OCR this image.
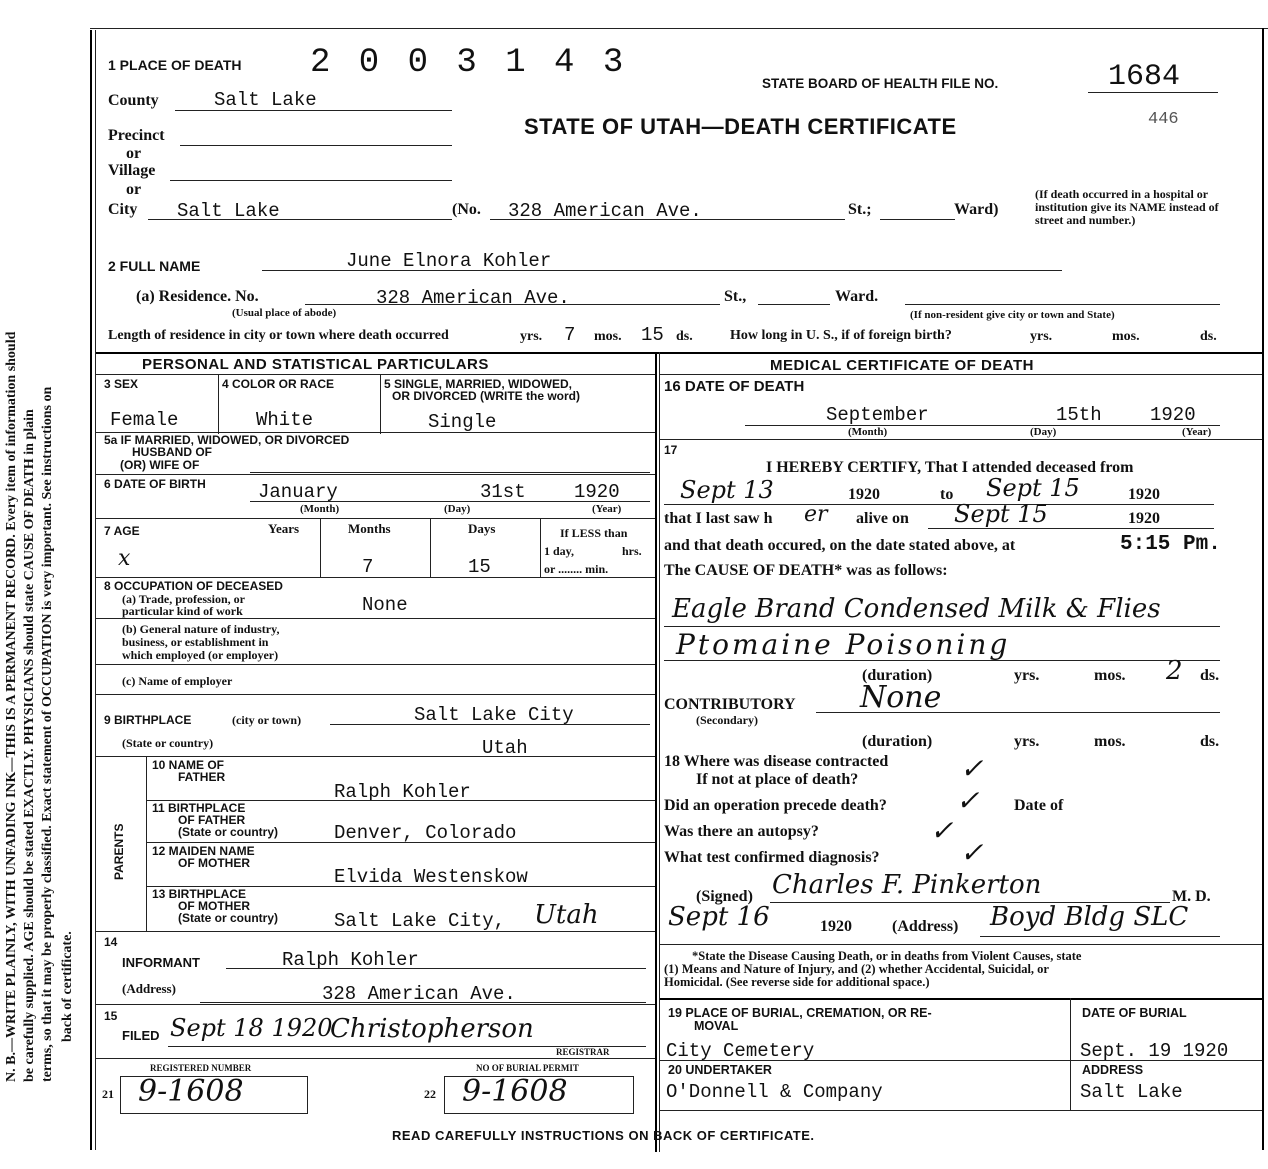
N. B.—WRITE PLAINLY, WITH UNFADING INK—THIS IS A PERMANENT RECORD. Every item of information should be carefully supplied. AGE should be stated EXACTLY. PHYSICIANS should state CAUSE OF DEATH in plain terms, so that it may be properly classified. Exact statement of OCCUPATION is very important. See instructions on back of certificate.
1 PLACE OF DEATH 2 0 0 3 1 4 3
STATE BOARD OF HEALTH FILE NO.	1684
446
STATE OF UTAH—DEATH CERTIFICATE
County	Salt Lake
Precinct
or
Village
or
City Salt Lake	(No. 328 American Ave.	St.;	Ward)
(If death occurred in a hospital or institution give its NAME instead of street and number.)
2 FULL NAME	June Elnora Kohler
(a) Residence. No.	328 American Ave.	St.,	Ward.
(Usual place of abode)	(If non-resident give city or town and State)
Length of residence in city or town where death occurred	yrs. 7 mos. 15 ds.	How long in U. S., if of foreign birth?	yrs.	mos.	ds.
PERSONAL AND STATISTICAL PARTICULARS
3 SEX	4 COLOR OR RACE	5 SINGLE, MARRIED, WIDOWED,
OR DIVORCED (WRITE the word)
Female	White	Single
5a IF MARRIED, WIDOWED, OR DIVORCED
HUSBAND OF
(OR) WIFE OF
6 DATE OF BIRTH	January	31st	1920
(Month)	(Day)	(Year)
7 AGE	Years	Months	Days	If LESS than
1 day,	hrs.
or ........ min.
x	7	15
8 OCCUPATION OF DECEASED
(a) Trade, profession, or
particular kind of work	None
(b) General nature of industry,
business, or establishment in
which employed (or employer)
(c) Name of employer
9 BIRTHPLACE	(city or town)	Salt Lake City
(State or country)	Utah
PARENTS
10 NAME OF
FATHER
Ralph Kohler
11 BIRTHPLACE
OF FATHER
(State or country)	Denver, Colorado
12 MAIDEN NAME
OF MOTHER
Elvida Westenskow
13 BIRTHPLACE
OF MOTHER
(State or country)	Salt Lake City, Utah
14
INFORMANT	Ralph Kohler
(Address)	328 American Ave.
15
FILED Sept 18 1920
Christopherson
REGISTRAR
REGISTERED NUMBER	NO OF BURIAL PERMIT
21 9-1608	22 9-1608
MEDICAL CERTIFICATE OF DEATH
16 DATE OF DEATH
September	15th	1920
(Month)	(Day)	(Year)
17
I HEREBY CERTIFY, That I attended deceased from
Sept 13	1920	to Sept 15	1920
that I last saw h er alive on Sept 15	1920
and that death occured, on the date stated above, at	5:15 Pm.
The CAUSE OF DEATH* was as follows:
Eagle Brand Condensed Milk & Flies
Ptomaine Poisoning
(duration)	yrs.	mos. 2 ds.
CONTRIBUTORY
(Secondary)
None
(duration)	yrs.	mos.	ds.
18 Where was disease contracted
If not at place of death?	✓
Did an operation precede death? ✓ Date of
Was there an autopsy?	✓
What test confirmed diagnosis?	✓
(Signed) Charles F. Pinkerton	M. D.
Sept 16	1920	(Address) Boyd Bldg SLC
*State the Disease Causing Death, or in deaths from Violent Causes, state
(1) Means and Nature of Injury, and (2) whether Accidental, Suicidal, or
Homicidal. (See reverse side for additional space.)
19 PLACE OF BURIAL, CREMATION, OR RE-
MOVAL
DATE OF BURIAL
City Cemetery	Sept. 19 1920
20 UNDERTAKER	ADDRESS
O'Donnell & Company	Salt Lake
READ CAREFULLY INSTRUCTIONS ON BACK OF CERTIFICATE.
